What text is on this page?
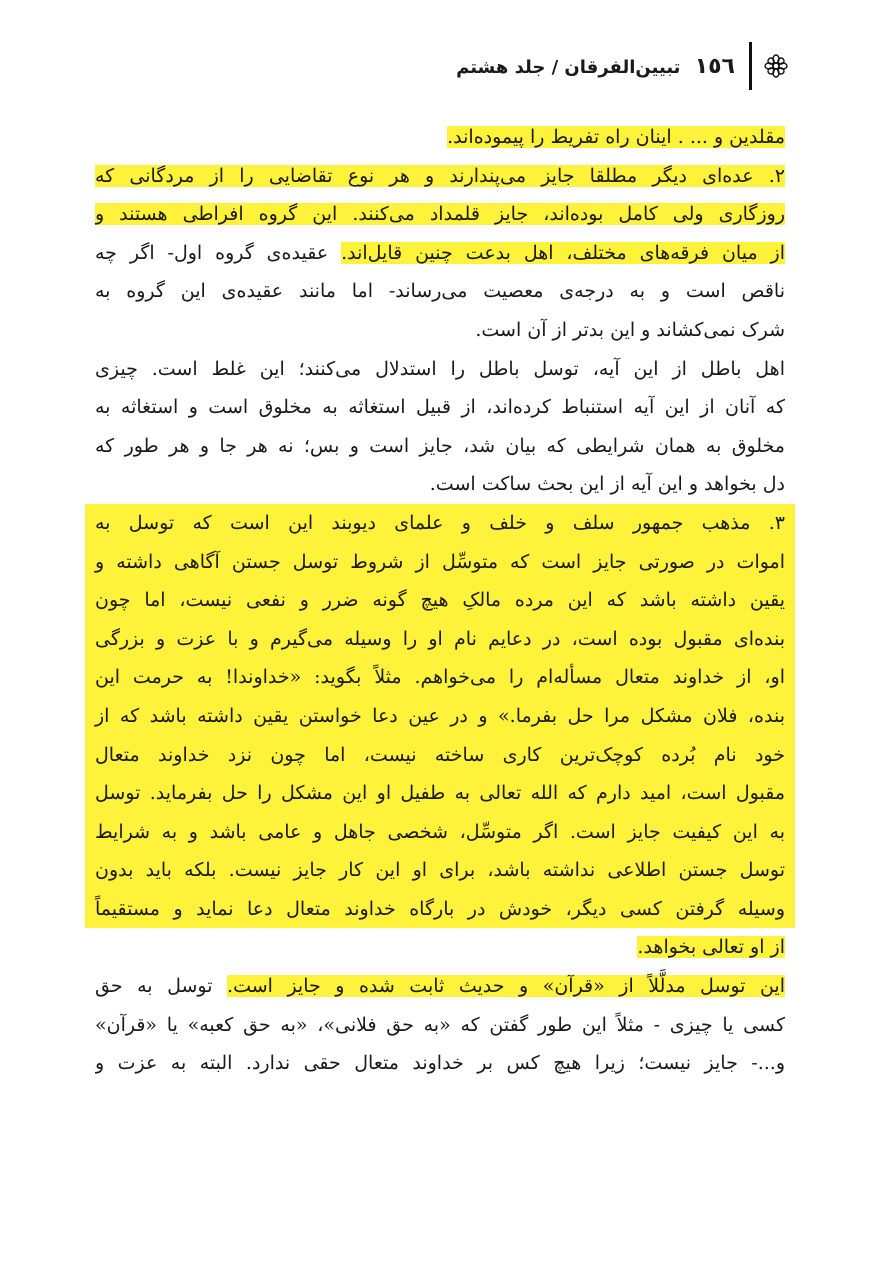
١٥٦ تبیین‌الفرقان / جلد هشتم
مقلدین و ... . اینان راه تفریط را پیموده‌اند.
۲. عده‌ای دیگر مطلقا جایز می‌پندارند و هر نوع تقاضایی را از مردگانی که
روزگاری ولی کامل بوده‌اند، جایز قلمداد می‌کنند. این گروه افراطی هستند و
از میان فرقه‌های مختلف، اهل بدعت چنین قایل‌اند. عقیده‌ی گروه اول- اگر چه
ناقص است و به درجه‌ی معصیت می‌رساند- اما مانند عقیده‌ی این گروه به
شرک نمی‌کشاند و این بدتر از آن است.
اهل باطل از این آیه، توسل باطل را استدلال می‌کنند؛ این غلط است. چیزی
که آنان از این آیه استنباط کرده‌اند، از قبیل استغاثه به مخلوق است و استغاثه به
مخلوق به همان شرایطی که بیان شد، جایز است و بس؛ نه هر جا و هر طور که
دل بخواهد و این آیه از این بحث ساکت است.
۳. مذهب جمهور سلف و خلف و علمای دیوبند این است که توسل به
اموات در صورتی جایز است که متوسِّل از شروط توسل جستن آگاهی داشته و
یقین داشته باشد که این مرده مالکِ هیچ گونه ضرر و نفعی نیست، اما چون
بنده‌ای مقبول بوده است، در دعایم نام او را وسیله می‌گیرم و با عزت و بزرگی
او، از خداوند متعال مسأله‌ام را می‌خواهم. مثلاً بگوید: «خداوندا! به حرمت این
بنده، فلان مشکل مرا حل بفرما.» و در عین دعا خواستن یقین داشته باشد که از
خود نام بُرده کوچک‌ترین کاری ساخته نیست، اما چون نزد خداوند متعال
مقبول است، امید دارم که الله تعالی به طفیل او این مشکل را حل بفرماید. توسل
به این کیفیت جایز است. اگر متوسِّل، شخصی جاهل و عامی باشد و به شرایط
توسل جستن اطلاعی نداشته باشد، برای او این کار جایز نیست. بلکه باید بدون
وسیله گرفتن کسی دیگر، خودش در بارگاه خداوند متعال دعا نماید و مستقیماً
از او تعالی بخواهد.
این توسل مدلَّلاً از «قرآن» و حدیث ثابت شده و جایز است. توسل به حق
کسی یا چیزی - مثلاً این طور گفتن که «به حق فلانی»، «به حق کعبه» یا «قرآن»
و...- جایز نیست؛ زیرا هیچ کس بر خداوند متعال حقی ندارد. البته به عزت و
